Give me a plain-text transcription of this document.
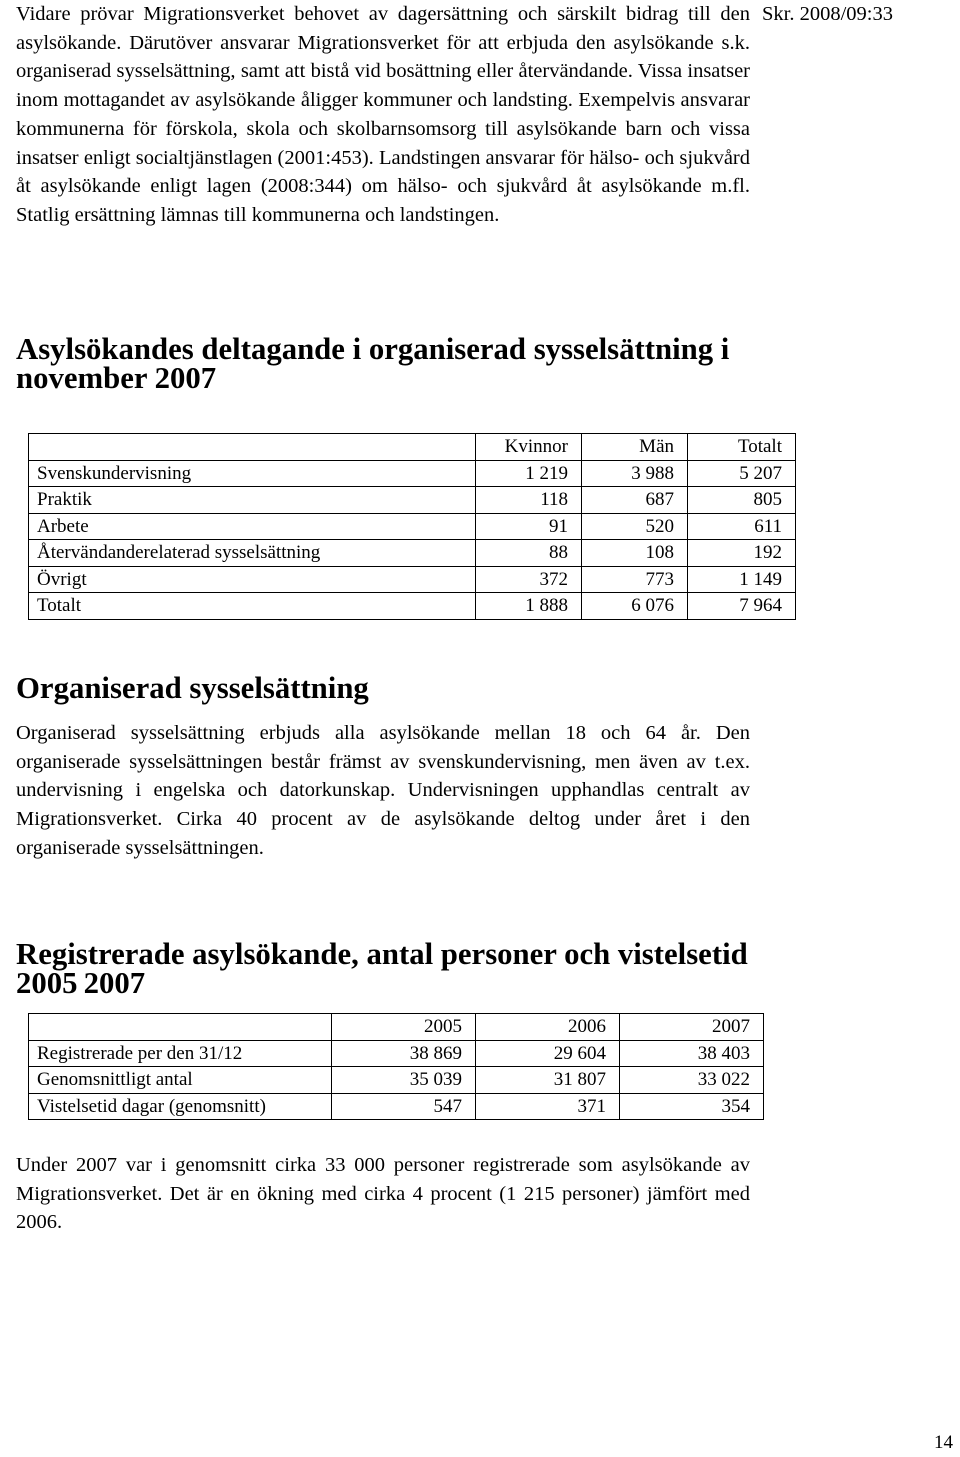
Skr. 2008/09:33

Vidare prövar Migrationsverket behovet av dagersättning och särskilt bidrag till den asylsökande. Därutöver ansvarar Migrationsverket för att erbjuda den asylsökande s.k. organiserad sysselsättning, samt att bistå vid bosättning eller återvändande. Vissa insatser inom mottagandet av asylsökande åligger kommuner och landsting. Exempelvis ansvarar kommunerna för förskola, skola och skolbarnsomsorg till asylsökande barn och vissa insatser enligt socialtjänstlagen (2001:453). Landstingen ansvarar för hälso- och sjukvård åt asylsökande enligt lagen (2008:344) om hälso- och sjukvård åt asylsökande m.fl. Statlig ersättning lämnas till kommunerna och landstingen.

Asylsökandes deltagande i organiserad sysselsättning i november 2007
	Kvinnor	Män	Totalt
Svenskundervisning	1 219	3 988	5 207
Praktik	118	687	805
Arbete	91	520	611
Återvändanderelaterad sysselsättning	88	108	192
Övrigt	372	773	1 149
Totalt	1 888	6 076	7 964
Organiserad sysselsättning

Organiserad sysselsättning erbjuds alla asylsökande mellan 18 och 64 år. Den organiserade sysselsättningen består främst av svenskundervisning, men även av t.ex. undervisning i engelska och datorkunskap. Undervisningen upphandlas centralt av Migrationsverket. Cirka 40 procent av de asylsökande deltog under året i den organiserade sysselsättningen.

Registrerade asylsökande, antal personer och vistelsetid 2005 2007
	2005	2006	2007
Registrerade per den 31/12	38 869	29 604	38 403
Genomsnittligt antal	35 039	31 807	33 022
Vistelsetid dagar (genomsnitt)	547	371	354

Under 2007 var i genomsnitt cirka 33 000 personer registrerade som asylsökande av Migrationsverket. Det är en ökning med cirka 4 procent (1 215 personer) jämfört med 2006.

14
